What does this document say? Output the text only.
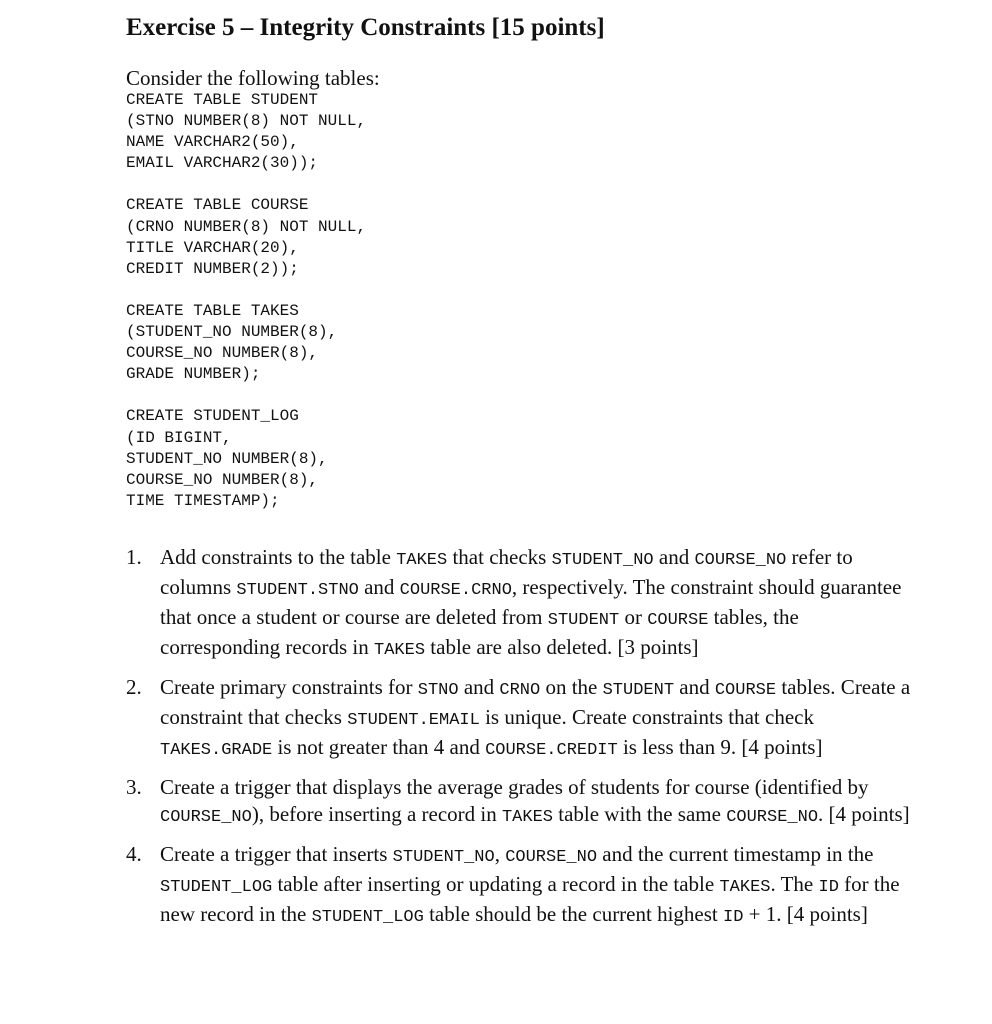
Exercise 5 – Integrity Constraints [15 points]

Consider the following tables:

CREATE TABLE STUDENT
(STNO NUMBER(8) NOT NULL,
NAME VARCHAR2(50),
EMAIL VARCHAR2(30));
CREATE TABLE COURSE
(CRNO NUMBER(8) NOT NULL,
TITLE VARCHAR(20),
CREDIT NUMBER(2));
CREATE TABLE TAKES
(STUDENT_NO NUMBER(8),
COURSE_NO NUMBER(8),
GRADE NUMBER);
CREATE STUDENT_LOG
(ID BIGINT,
STUDENT_NO NUMBER(8),
COURSE_NO NUMBER(8),
TIME TIMESTAMP);
1. Add constraints to the table TAKES that checks STUDENT_NO and COURSE_NO refer to columns STUDENT.STNO and COURSE.CRNO, respectively. The constraint should guarantee that once a student or course are deleted from STUDENT or COURSE tables, the corresponding records in TAKES table are also deleted. [3 points]
2. Create primary constraints for STNO and CRNO on the STUDENT and COURSE tables. Create a constraint that checks STUDENT.EMAIL is unique. Create constraints that check TAKES.GRADE is not greater than 4 and COURSE.CREDIT is less than 9. [4 points]
3. Create a trigger that displays the average grades of students for course (identified by COURSE_NO), before inserting a record in TAKES table with the same COURSE_NO. [4 points]
4. Create a trigger that inserts STUDENT_NO, COURSE_NO and the current timestamp in the STUDENT_LOG table after inserting or updating a record in the table TAKES. The ID for the new record in the STUDENT_LOG table should be the current highest ID + 1. [4 points]
